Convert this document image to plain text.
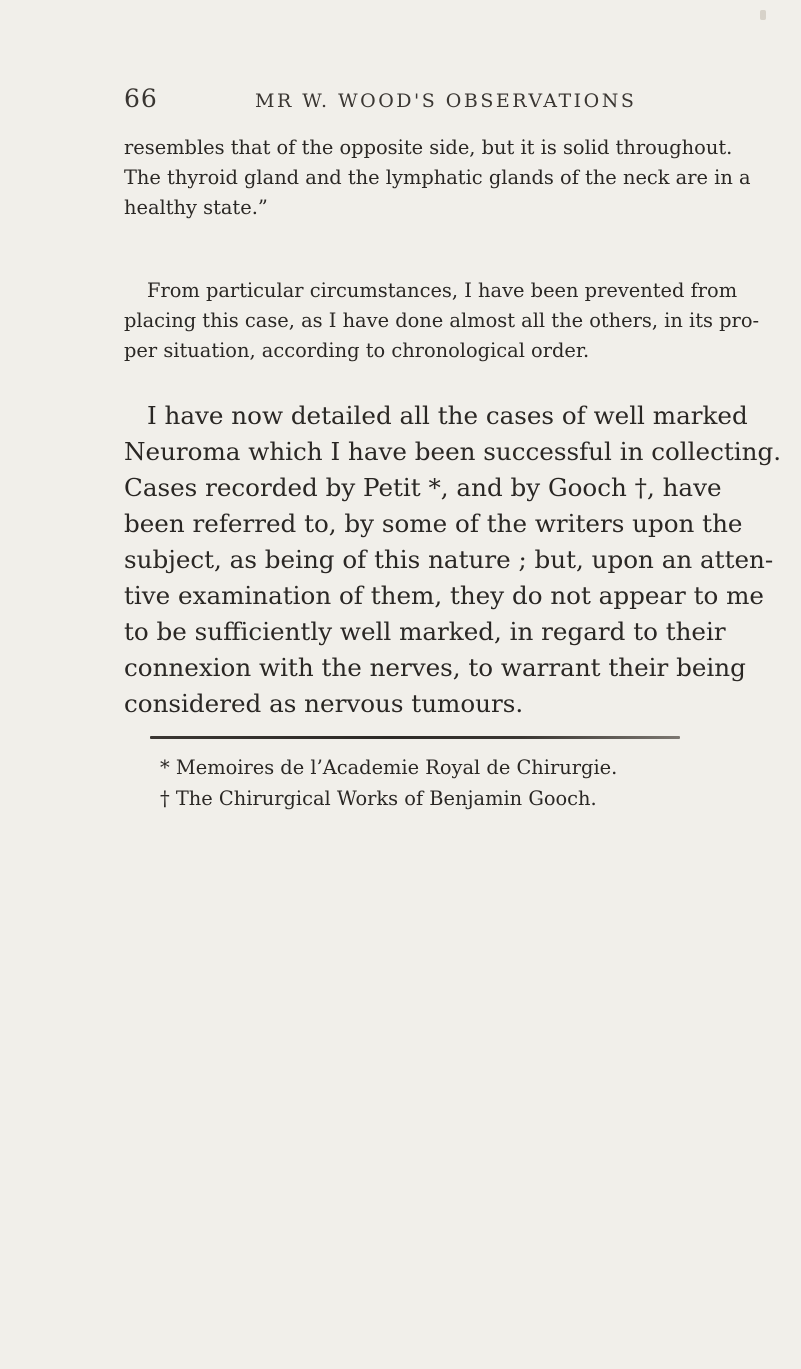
66	MR W. WOOD'S OBSERVATIONS
resembles that of the opposite side, but it is solid throughout.
The thyroid gland and the lymphatic glands of the neck are in a
healthy state.”
From particular circumstances, I have been prevented from
placing this case, as I have done almost all the others, in its pro-
per situation, according to chronological order.
I have now detailed all the cases of well marked
Neuroma which I have been successful in collecting.
Cases recorded by Petit *, and by Gooch †, have
been referred to, by some of the writers upon the
subject, as being of this nature ; but, upon an atten-
tive examination of them, they do not appear to me
to be sufficiently well marked, in regard to their
connexion with the nerves, to warrant their being
considered as nervous tumours.
* Memoires de l’Academie Royal de Chirurgie.
† The Chirurgical Works of Benjamin Gooch.
